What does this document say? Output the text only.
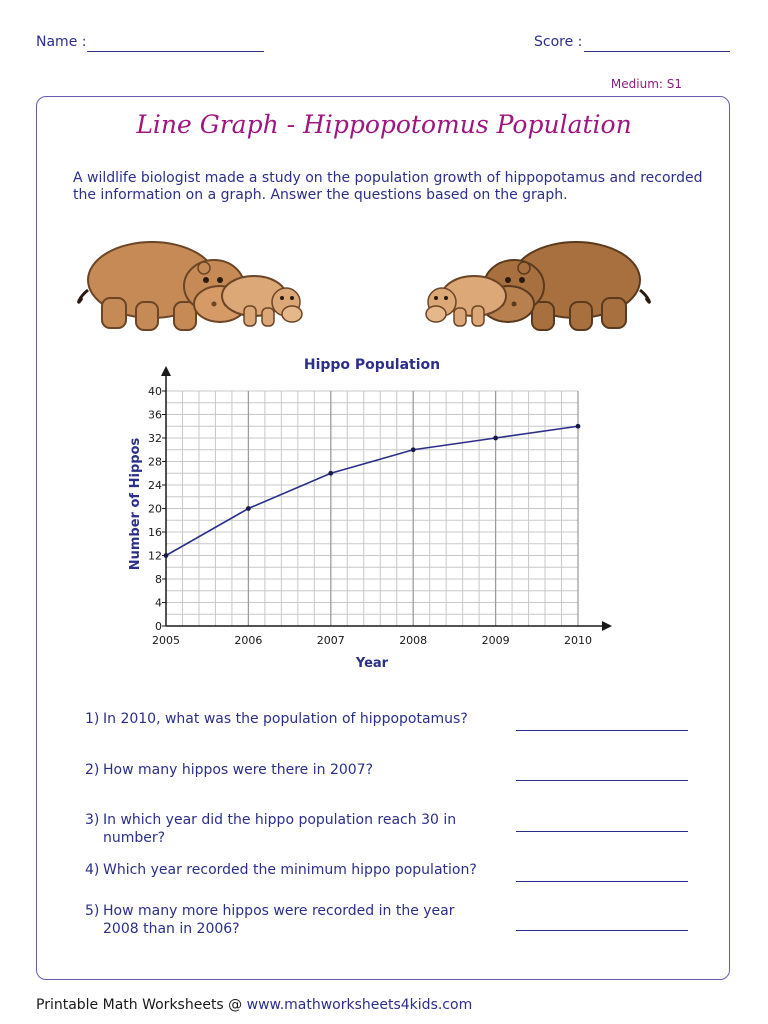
Name :	Score :
Medium: S1
Line Graph - Hippopotomus Population
A wildlife biologist made a study on the population growth of hippopotamus and recorded the information on a graph. Answer the questions based on the graph.
0
4
8
12
16
20
24
28
32
36
40
2005	2006	2007	2008	2009	2010
Hippo Population
Year
Number of Hippos
1) In 2010, what was the population of hippopotamus?
2) How many hippos were there in 2007?
3) In which year did the hippo population reach 30 in number?
4) Which year recorded the minimum hippo population?
5) How many more hippos were recorded in the year 2008 than in 2006?
Printable Math Worksheets @ www.mathworksheets4kids.com
